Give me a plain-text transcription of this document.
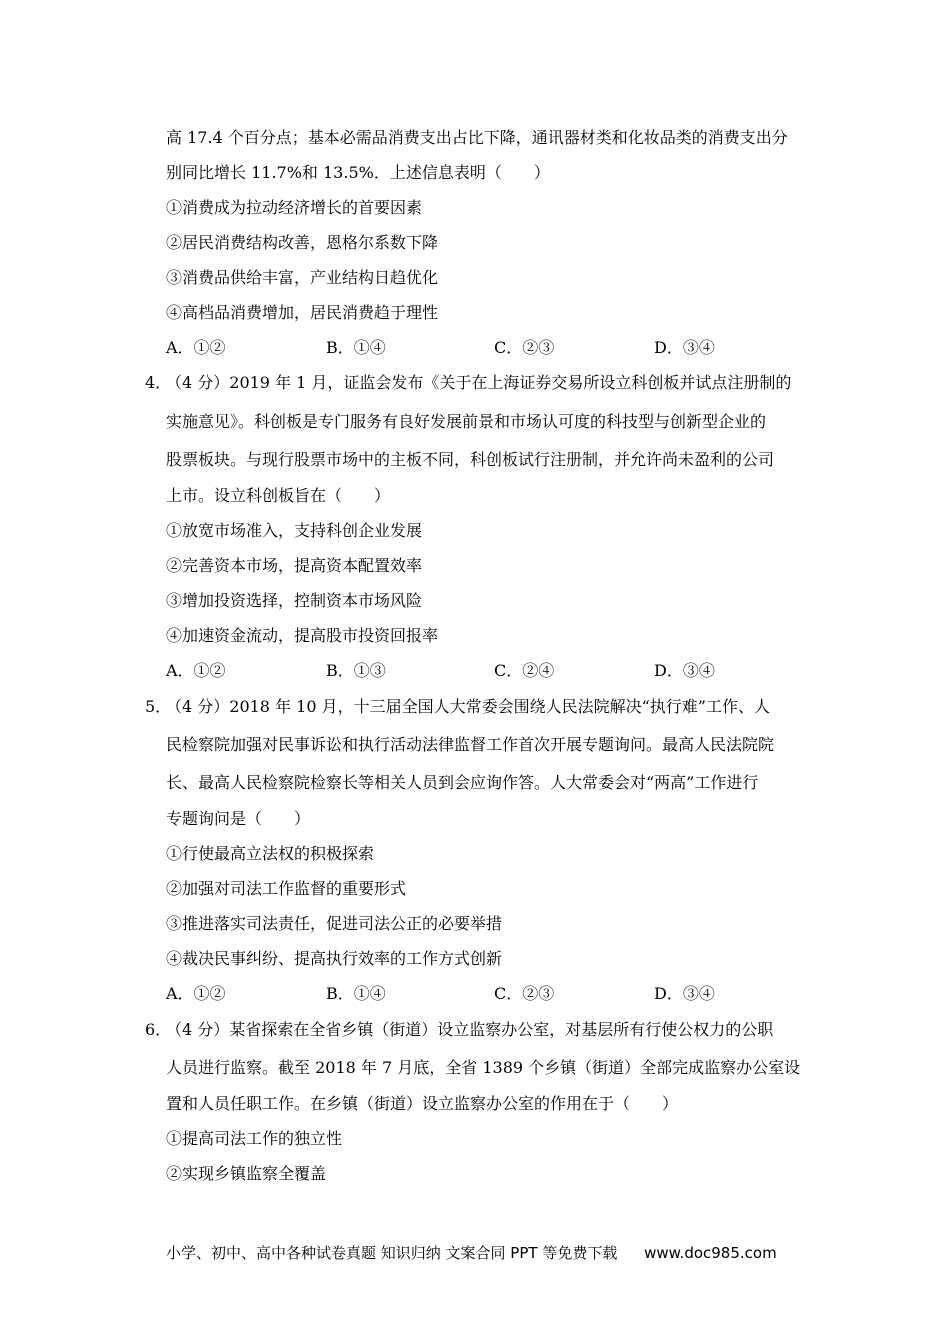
高 17.4 个百分点；基本必需品消费支出占比下降，通讯器材类和化妆品类的消费支出分
别同比增长 11.7%和 13.5%．上述信息表明（　　）
①消费成为拉动经济增长的首要因素
②居民消费结构改善，恩格尔系数下降
③消费品供给丰富，产业结构日趋优化
④高档品消费增加，居民消费趋于理性
A．①②	B．①④	C．②③	D．③④
4．
（4 分）2019 年 1 月，证监会发布《关于在上海证券交易所设立科创板并试点注册制的
实施意见》。科创板是专门服务有良好发展前景和市场认可度的科技型与创新型企业的
股票板块。与现行股票市场中的主板不同，科创板试行注册制，并允许尚未盈利的公司
上市。设立科创板旨在（　　）
①放宽市场准入，支持科创企业发展
②完善资本市场，提高资本配置效率
③增加投资选择，控制资本市场风险
④加速资金流动，提高股市投资回报率
A．①②	B．①③	C．②④	D．③④
5．
（4 分）2018 年 10 月，十三届全国人大常委会围绕人民法院解决“执行难”工作、人
民检察院加强对民事诉讼和执行活动法律监督工作首次开展专题询问。最高人民法院院
长、最高人民检察院检察长等相关人员到会应询作答。人大常委会对“两高”工作进行
专题询问是（　　）
①行使最高立法权的积极探索
②加强对司法工作监督的重要形式
③推进落实司法责任，促进司法公正的必要举措
④裁决民事纠纷、提高执行效率的工作方式创新
A．①②	B．①④	C．②③	D．③④
6．
（4 分）某省探索在全省乡镇（街道）设立监察办公室，对基层所有行使公权力的公职
人员进行监察。截至 2018 年 7 月底，全省 1389 个乡镇（街道）全部完成监察办公室设
置和人员任职工作。在乡镇（街道）设立监察办公室的作用在于（　　）
①提高司法工作的独立性
②实现乡镇监察全覆盖
小学、初中、高中各种试卷真题 知识归纳 文案合同 PPT 等免费下载 www.doc985.com
